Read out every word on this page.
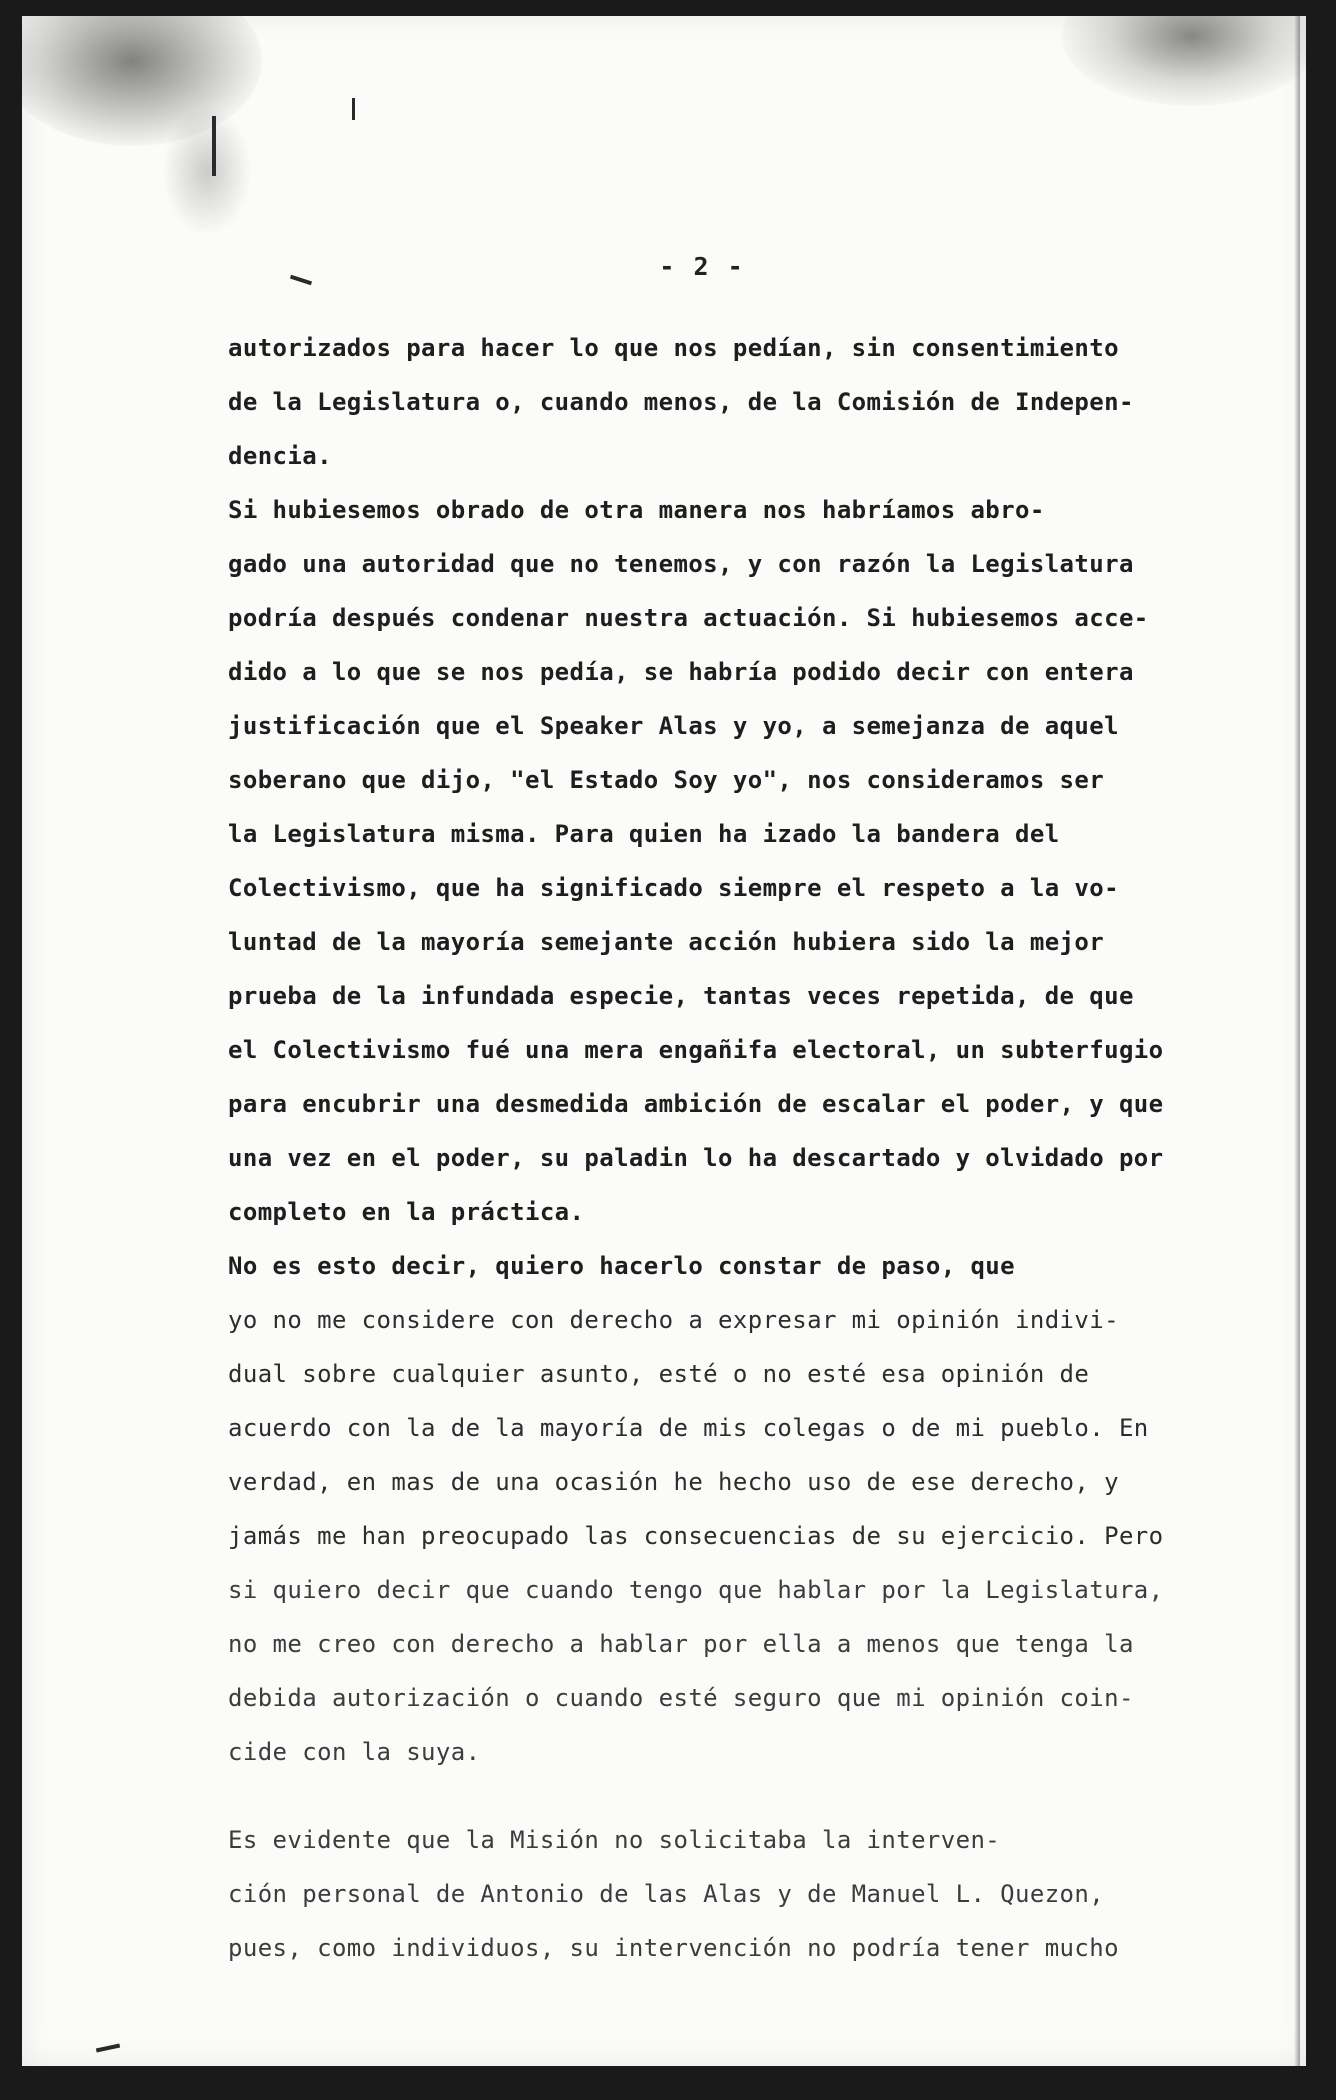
- 2 -
autorizados para hacer lo que nos pedían, sin consentimiento
de la Legislatura o, cuando menos, de la Comisión de Indepen-
dencia.
Si hubiesemos obrado de otra manera nos habríamos abro-
gado una autoridad que no tenemos, y con razón la Legislatura
podría después condenar nuestra actuación. Si hubiesemos acce-
dido a lo que se nos pedía, se habría podido decir con entera
justificación que el Speaker Alas y yo, a semejanza de aquel
soberano que dijo, "el Estado Soy yo", nos consideramos ser
la Legislatura misma. Para quien ha izado la bandera del
Colectivismo, que ha significado siempre el respeto a la vo-
luntad de la mayoría semejante acción hubiera sido la mejor
prueba de la infundada especie, tantas veces repetida, de que
el Colectivismo fué una mera engañifa electoral, un subterfugio
para encubrir una desmedida ambición de escalar el poder, y que
una vez en el poder, su paladin lo ha descartado y olvidado por
completo en la práctica.
No es esto decir, quiero hacerlo constar de paso, que
yo no me considere con derecho a expresar mi opinión indivi-
dual sobre cualquier asunto, esté o no esté esa opinión de
acuerdo con la de la mayoría de mis colegas o de mi pueblo. En
verdad, en mas de una ocasión he hecho uso de ese derecho, y
jamás me han preocupado las consecuencias de su ejercicio. Pero
si quiero decir que cuando tengo que hablar por la Legislatura,
no me creo con derecho a hablar por ella a menos que tenga la
debida autorización o cuando esté seguro que mi opinión coin-
cide con la suya.
Es evidente que la Misión no solicitaba la interven-
ción personal de Antonio de las Alas y de Manuel L. Quezon,
pues, como individuos, su intervención no podría tener mucho
